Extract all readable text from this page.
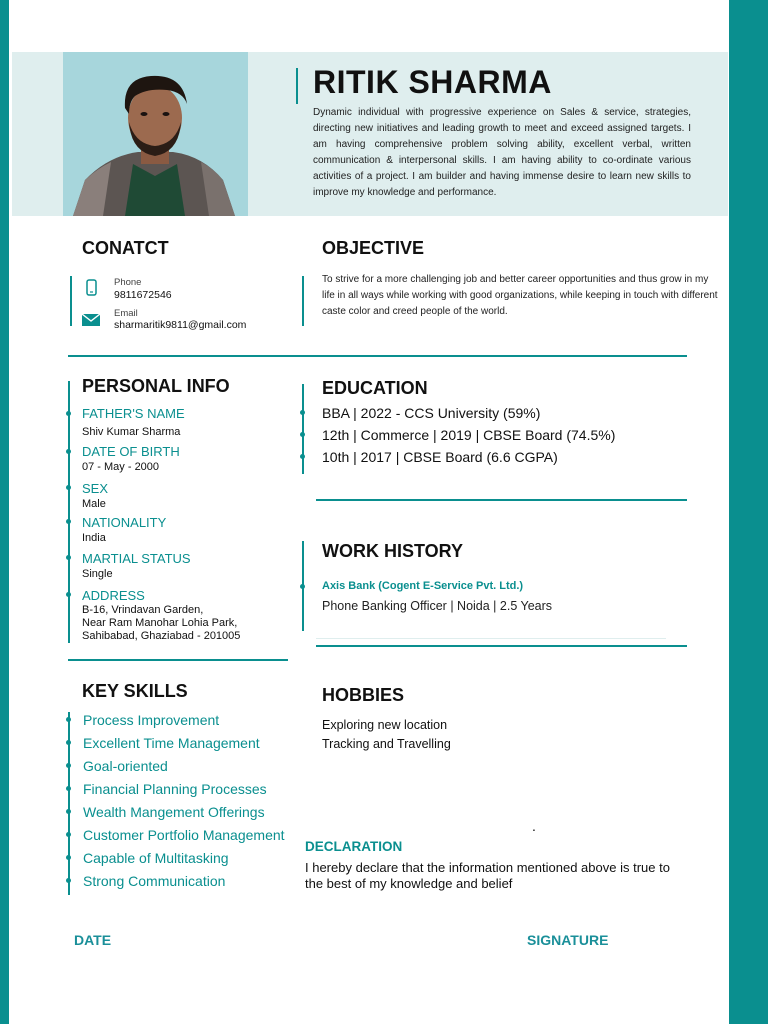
RITIK SHARMA
Dynamic individual with progressive experience on Sales & service, strategies, directing new initiatives and leading growth to meet and exceed assigned targets. I am having comprehensive problem solving ability, excellent verbal, written communication & interpersonal skills. I am having ability to co-ordinate various activities of a project. I am builder and having immense desire to learn new skills to improve my knowledge and performance.
CONATCT
Phone
9811672546
Email
sharmaritik9811@gmail.com
OBJECTIVE
To strive for a more challenging job and better career opportunities and thus grow in my life in all ways while working with good organizations, while keeping in touch with different caste color and creed people of the world.
PERSONAL INFO
FATHER'S NAME
Shiv Kumar Sharma
DATE OF BIRTH
07 - May - 2000
SEX
Male
NATIONALITY
India
MARTIAL STATUS
Single
ADDRESS
B-16, Vrindavan Garden,
Near Ram Manohar Lohia Park,
Sahibabad, Ghaziabad - 201005
EDUCATION
BBA | 2022 - CCS University (59%)
12th | Commerce | 2019 | CBSE Board (74.5%)
10th | 2017 | CBSE Board (6.6 CGPA)
WORK HISTORY
Axis Bank (Cogent E-Service Pvt. Ltd.)
Phone Banking Officer | Noida | 2.5 Years
KEY SKILLS
Process Improvement
Excellent Time Management
Goal-oriented
Financial Planning Processes
Wealth Mangement Offerings
Customer Portfolio Management
Capable of Multitasking
Strong Communication
HOBBIES
Exploring new location
Tracking and Travelling
.
DECLARATION
I hereby declare that the information mentioned above is true to
the best of my knowledge and belief
DATE	SIGNATURE
